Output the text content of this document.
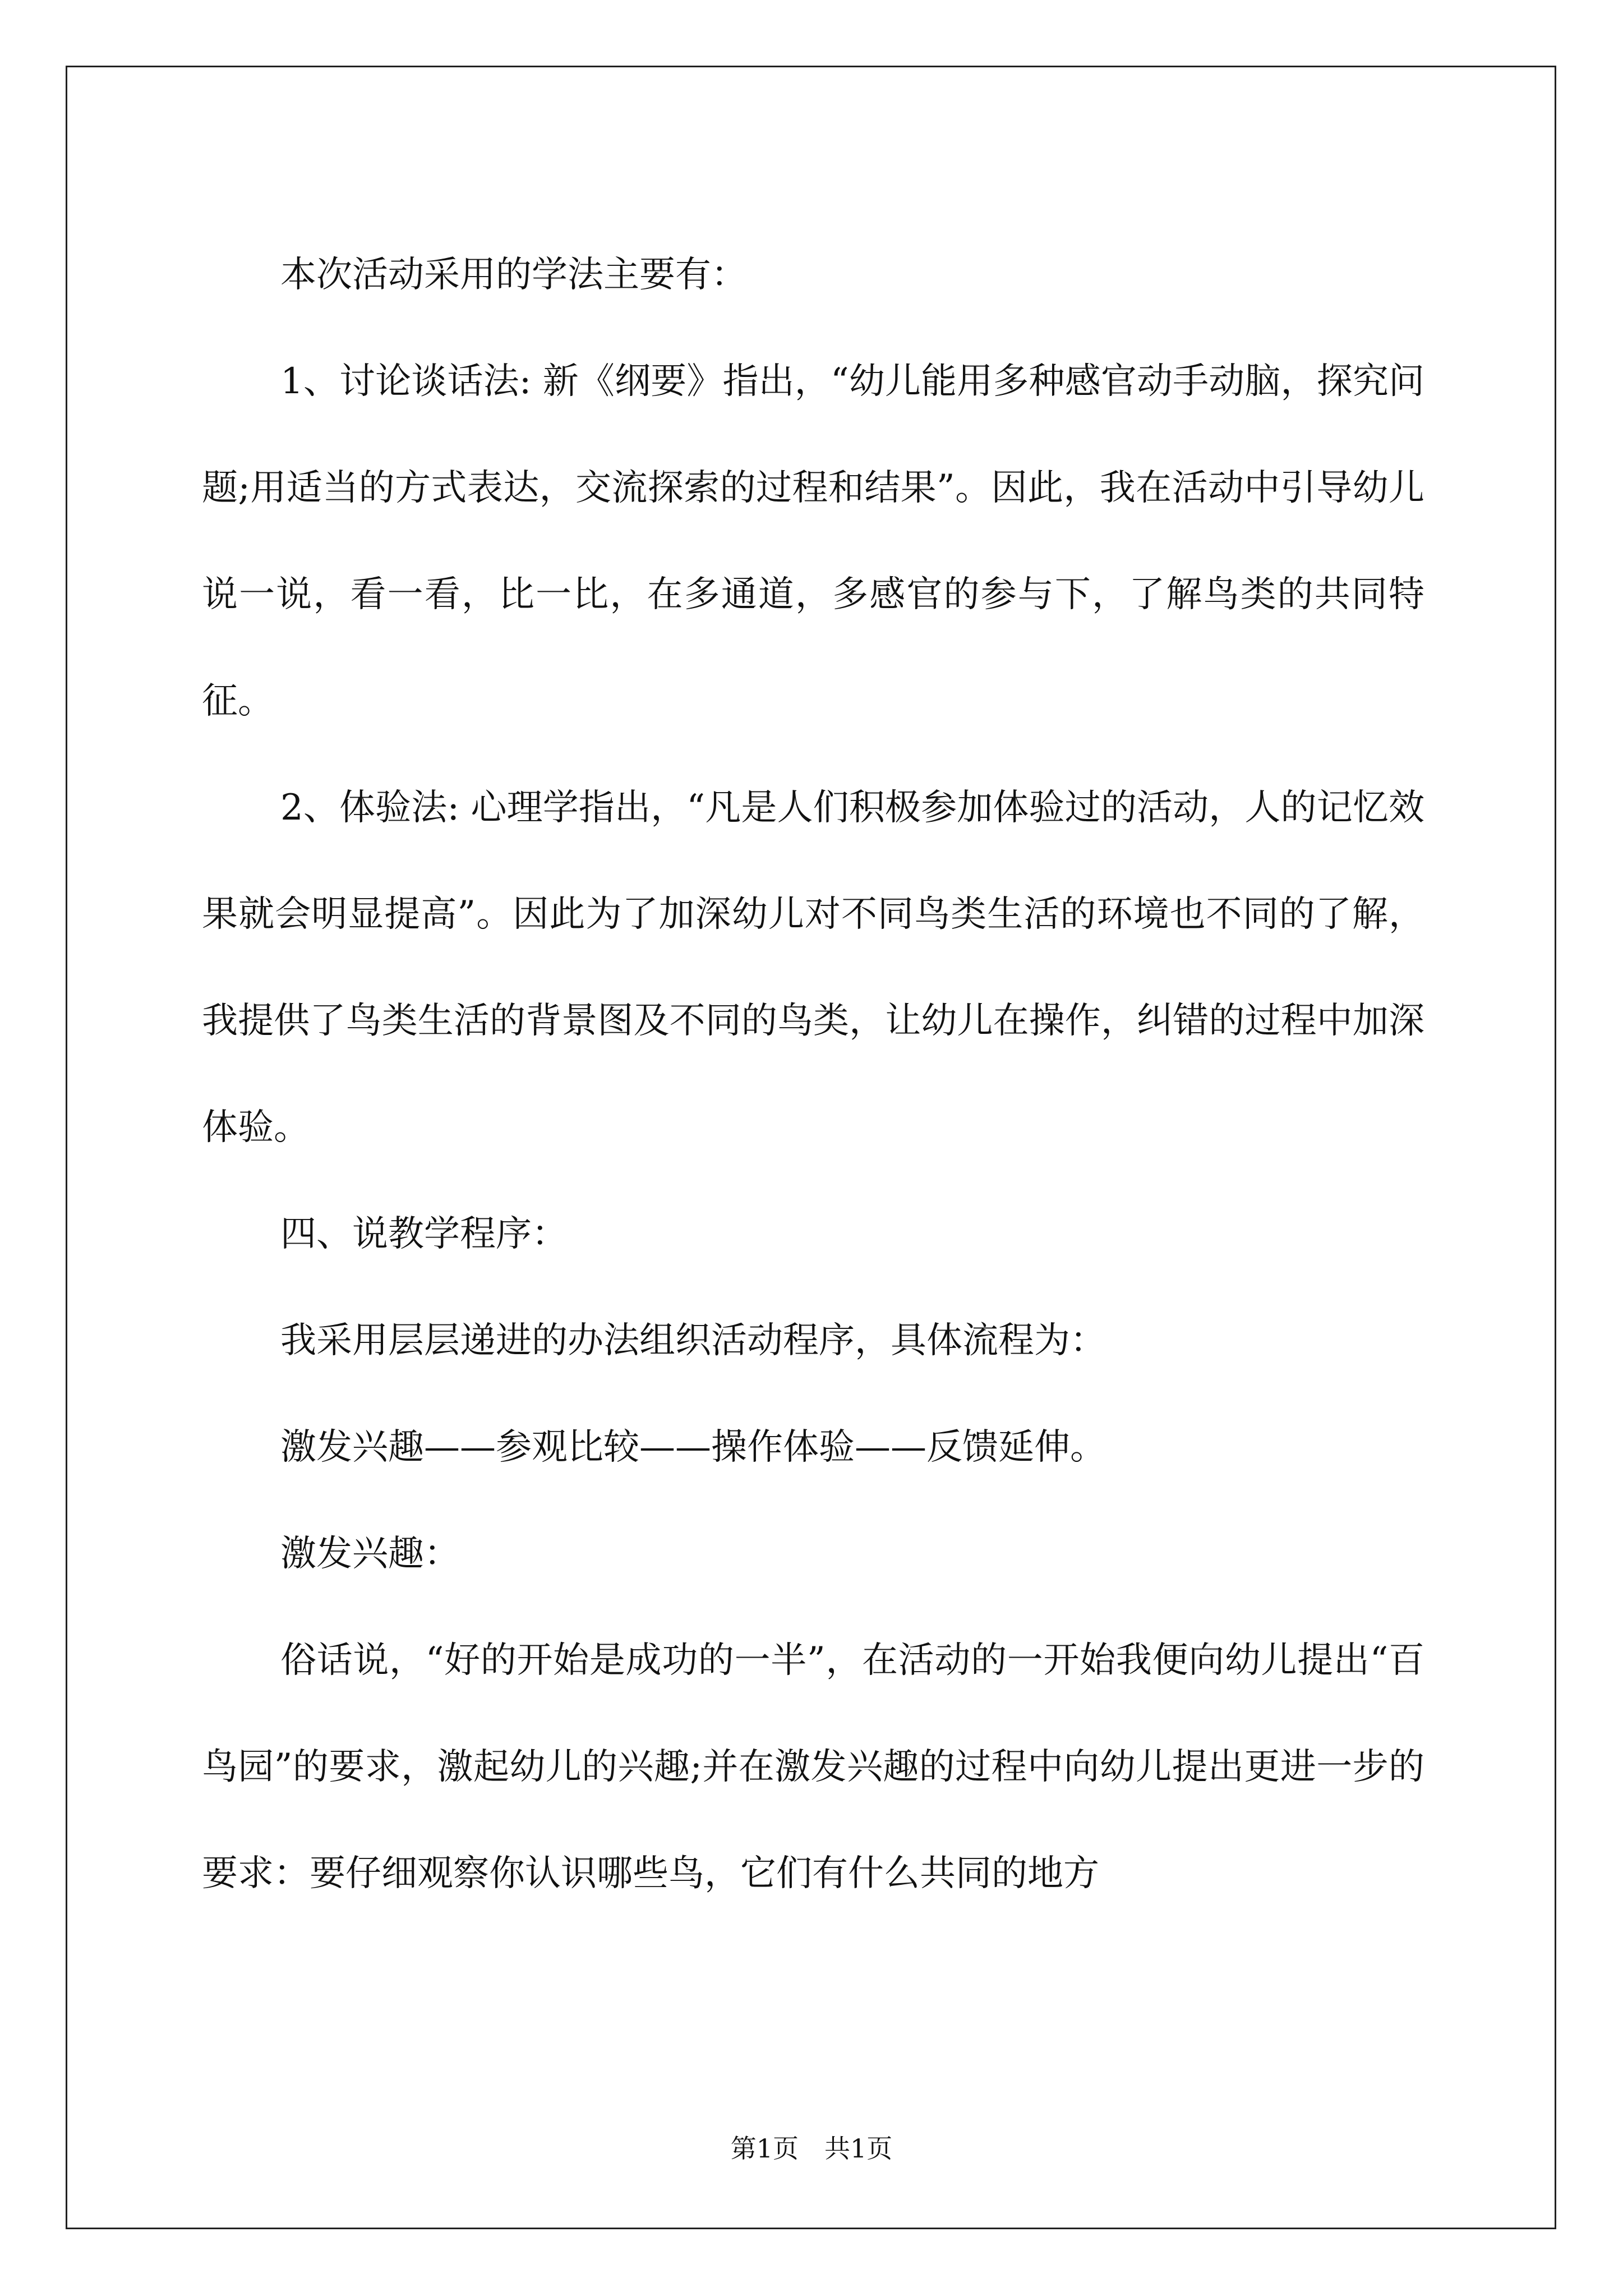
本次活动采用的学法主要有：

1、讨论谈话法: 新《纲要》指出，“幼儿能用多种感官动手动脑，探究问题;用适当的方式表达，交流探索的过程和结果”。因此，我在活动中引导幼儿说一说，看一看，比一比，在多通道，多感官的参与下，了解鸟类的共同特征。

2、体验法: 心理学指出，“凡是人们积极参加体验过的活动，人的记忆效果就会明显提高”。因此为了加深幼儿对不同鸟类生活的环境也不同的了解，我提供了鸟类生活的背景图及不同的鸟类，让幼儿在操作，纠错的过程中加深体验。

四、说教学程序：

我采用层层递进的办法组织活动程序，具体流程为：

激发兴趣——参观比较——操作体验——反馈延伸。

激发兴趣：

俗话说，“好的开始是成功的一半”，在活动的一开始我便向幼儿提出“百鸟园”的要求，激起幼儿的兴趣;并在激发兴趣的过程中向幼儿提出更进一步的要求：要仔细观察你认识哪些鸟，它们有什么共同的地方

第1页 共1页
